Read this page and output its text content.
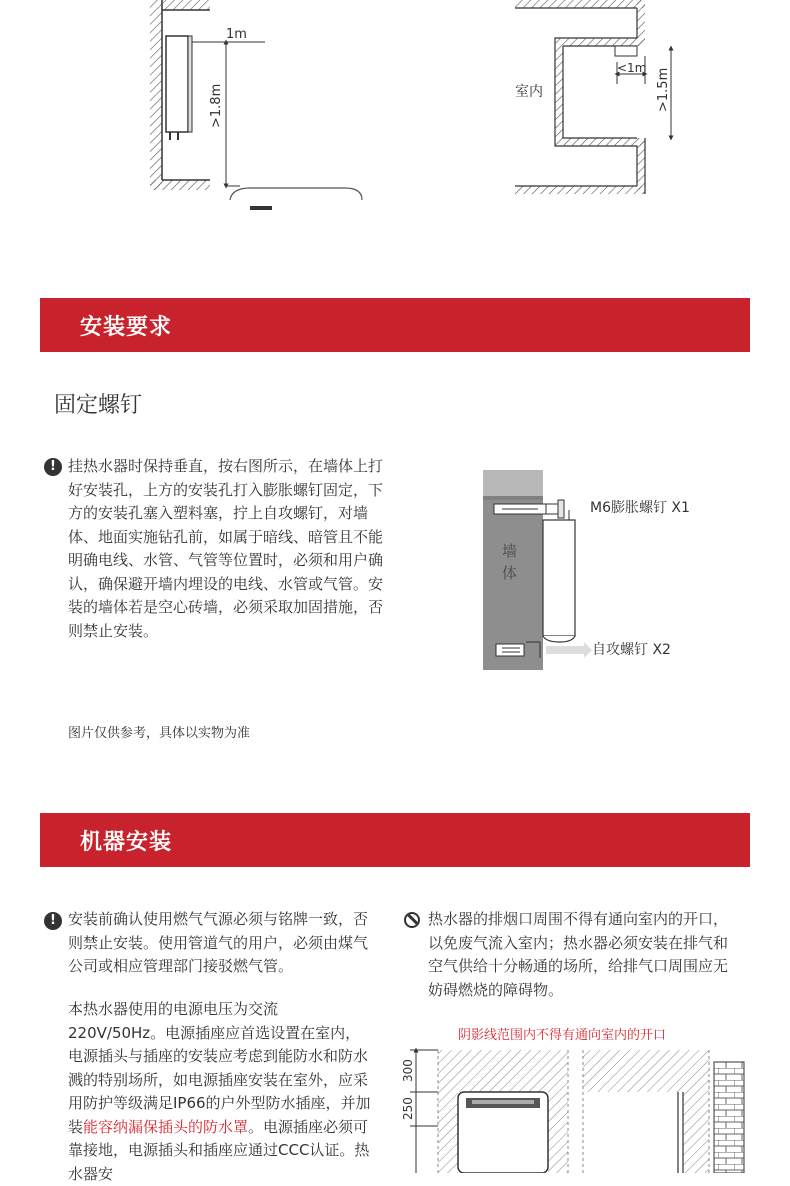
1m
>1.8m
<1m
室内	>1.5m
安装要求
固定螺钉
! 挂热水器时保持垂直，按右图所示，在墙体上打好安装孔，上方的安装孔打入膨胀螺钉固定，下方的安装孔塞入塑料塞，拧上自攻螺钉，对墙体、地面实施钻孔前，如属于暗线、暗管且不能明确电线、水管、气管等位置时，必须和用户确认，确保避开墙内埋设的电线、水管或气管。安装的墙体若是空心砖墙，必须采取加固措施，否则禁止安装。
墙
体
M6膨胀螺钉 X1
自攻螺钉 X2
图片仅供参考，具体以实物为准
机器安装
! 安装前确认使用燃气气源必须与铭牌一致，否则禁止安装。使用管道气的用户，必须由煤气公司或相应管理部门接驳燃气管。
本热水器使用的电源电压为交流220V/50Hz。电源插座应首选设置在室内，电源插头与插座的安装应考虑到能防水和防水溅的特别场所，如电源插座安装在室外，应采用防护等级满足IP66的户外型防水插座，并加装能容纳漏保插头的防水罩。电源插座必须可靠接地，电源插头和插座应通过CCC认证。热水器安
热水器的排烟口周围不得有通向室内的开口，以免废气流入室内；热水器必须安装在排气和空气供给十分畅通的场所，给排气口周围应无妨碍燃烧的障碍物。
阴影线范围内不得有通向室内的开口
300
250
